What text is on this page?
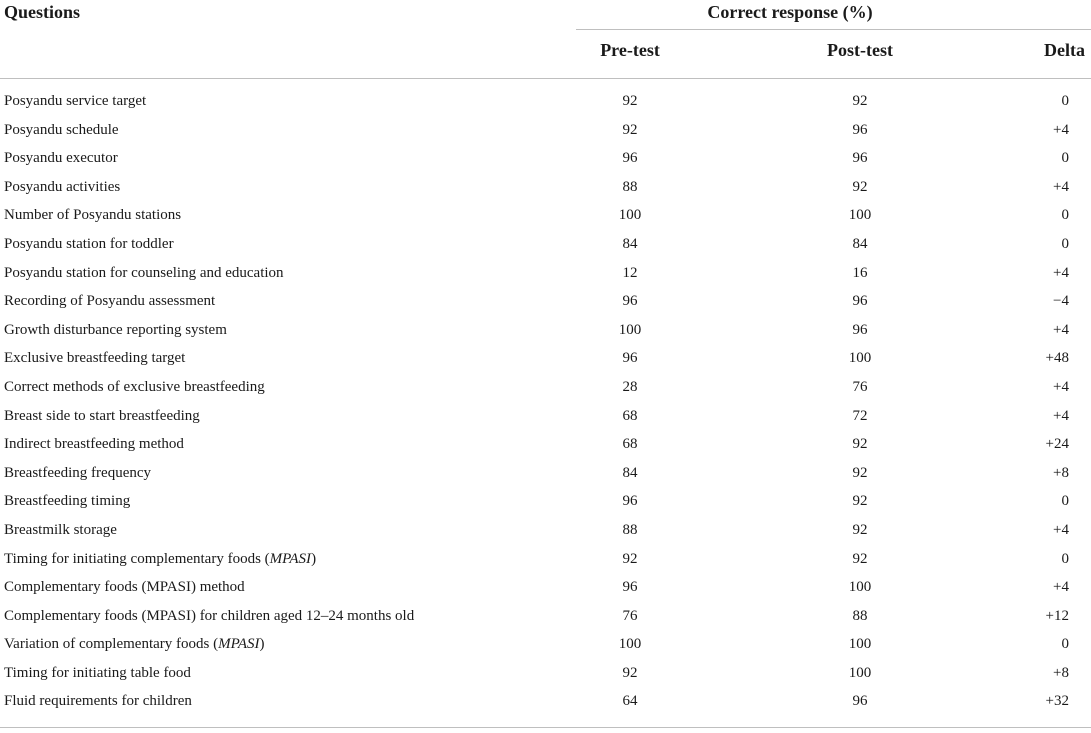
Questions	Correct response (%)
Pre-test	Post-test	Delta
Posyandu service target	92	92	0
Posyandu schedule	92	96	+4
Posyandu executor	96	96	0
Posyandu activities	88	92	+4
Number of Posyandu stations	100	100	0
Posyandu station for toddler	84	84	0
Posyandu station for counseling and education	12	16	+4
Recording of Posyandu assessment	96	96	−4
Growth disturbance reporting system	100	96	+4
Exclusive breastfeeding target	96	100	+48
Correct methods of exclusive breastfeeding	28	76	+4
Breast side to start breastfeeding	68	72	+4
Indirect breastfeeding method	68	92	+24
Breastfeeding frequency	84	92	+8
Breastfeeding timing	96	92	0
Breastmilk storage	88	92	+4
Timing for initiating complementary foods (MPASI)	92	92	0
Complementary foods (MPASI) method	96	100	+4
Complementary foods (MPASI) for children aged 12–24 months old	76	88	+12
Variation of complementary foods (MPASI)	100	100	0
Timing for initiating table food	92	100	+8
Fluid requirements for children	64	96	+32
